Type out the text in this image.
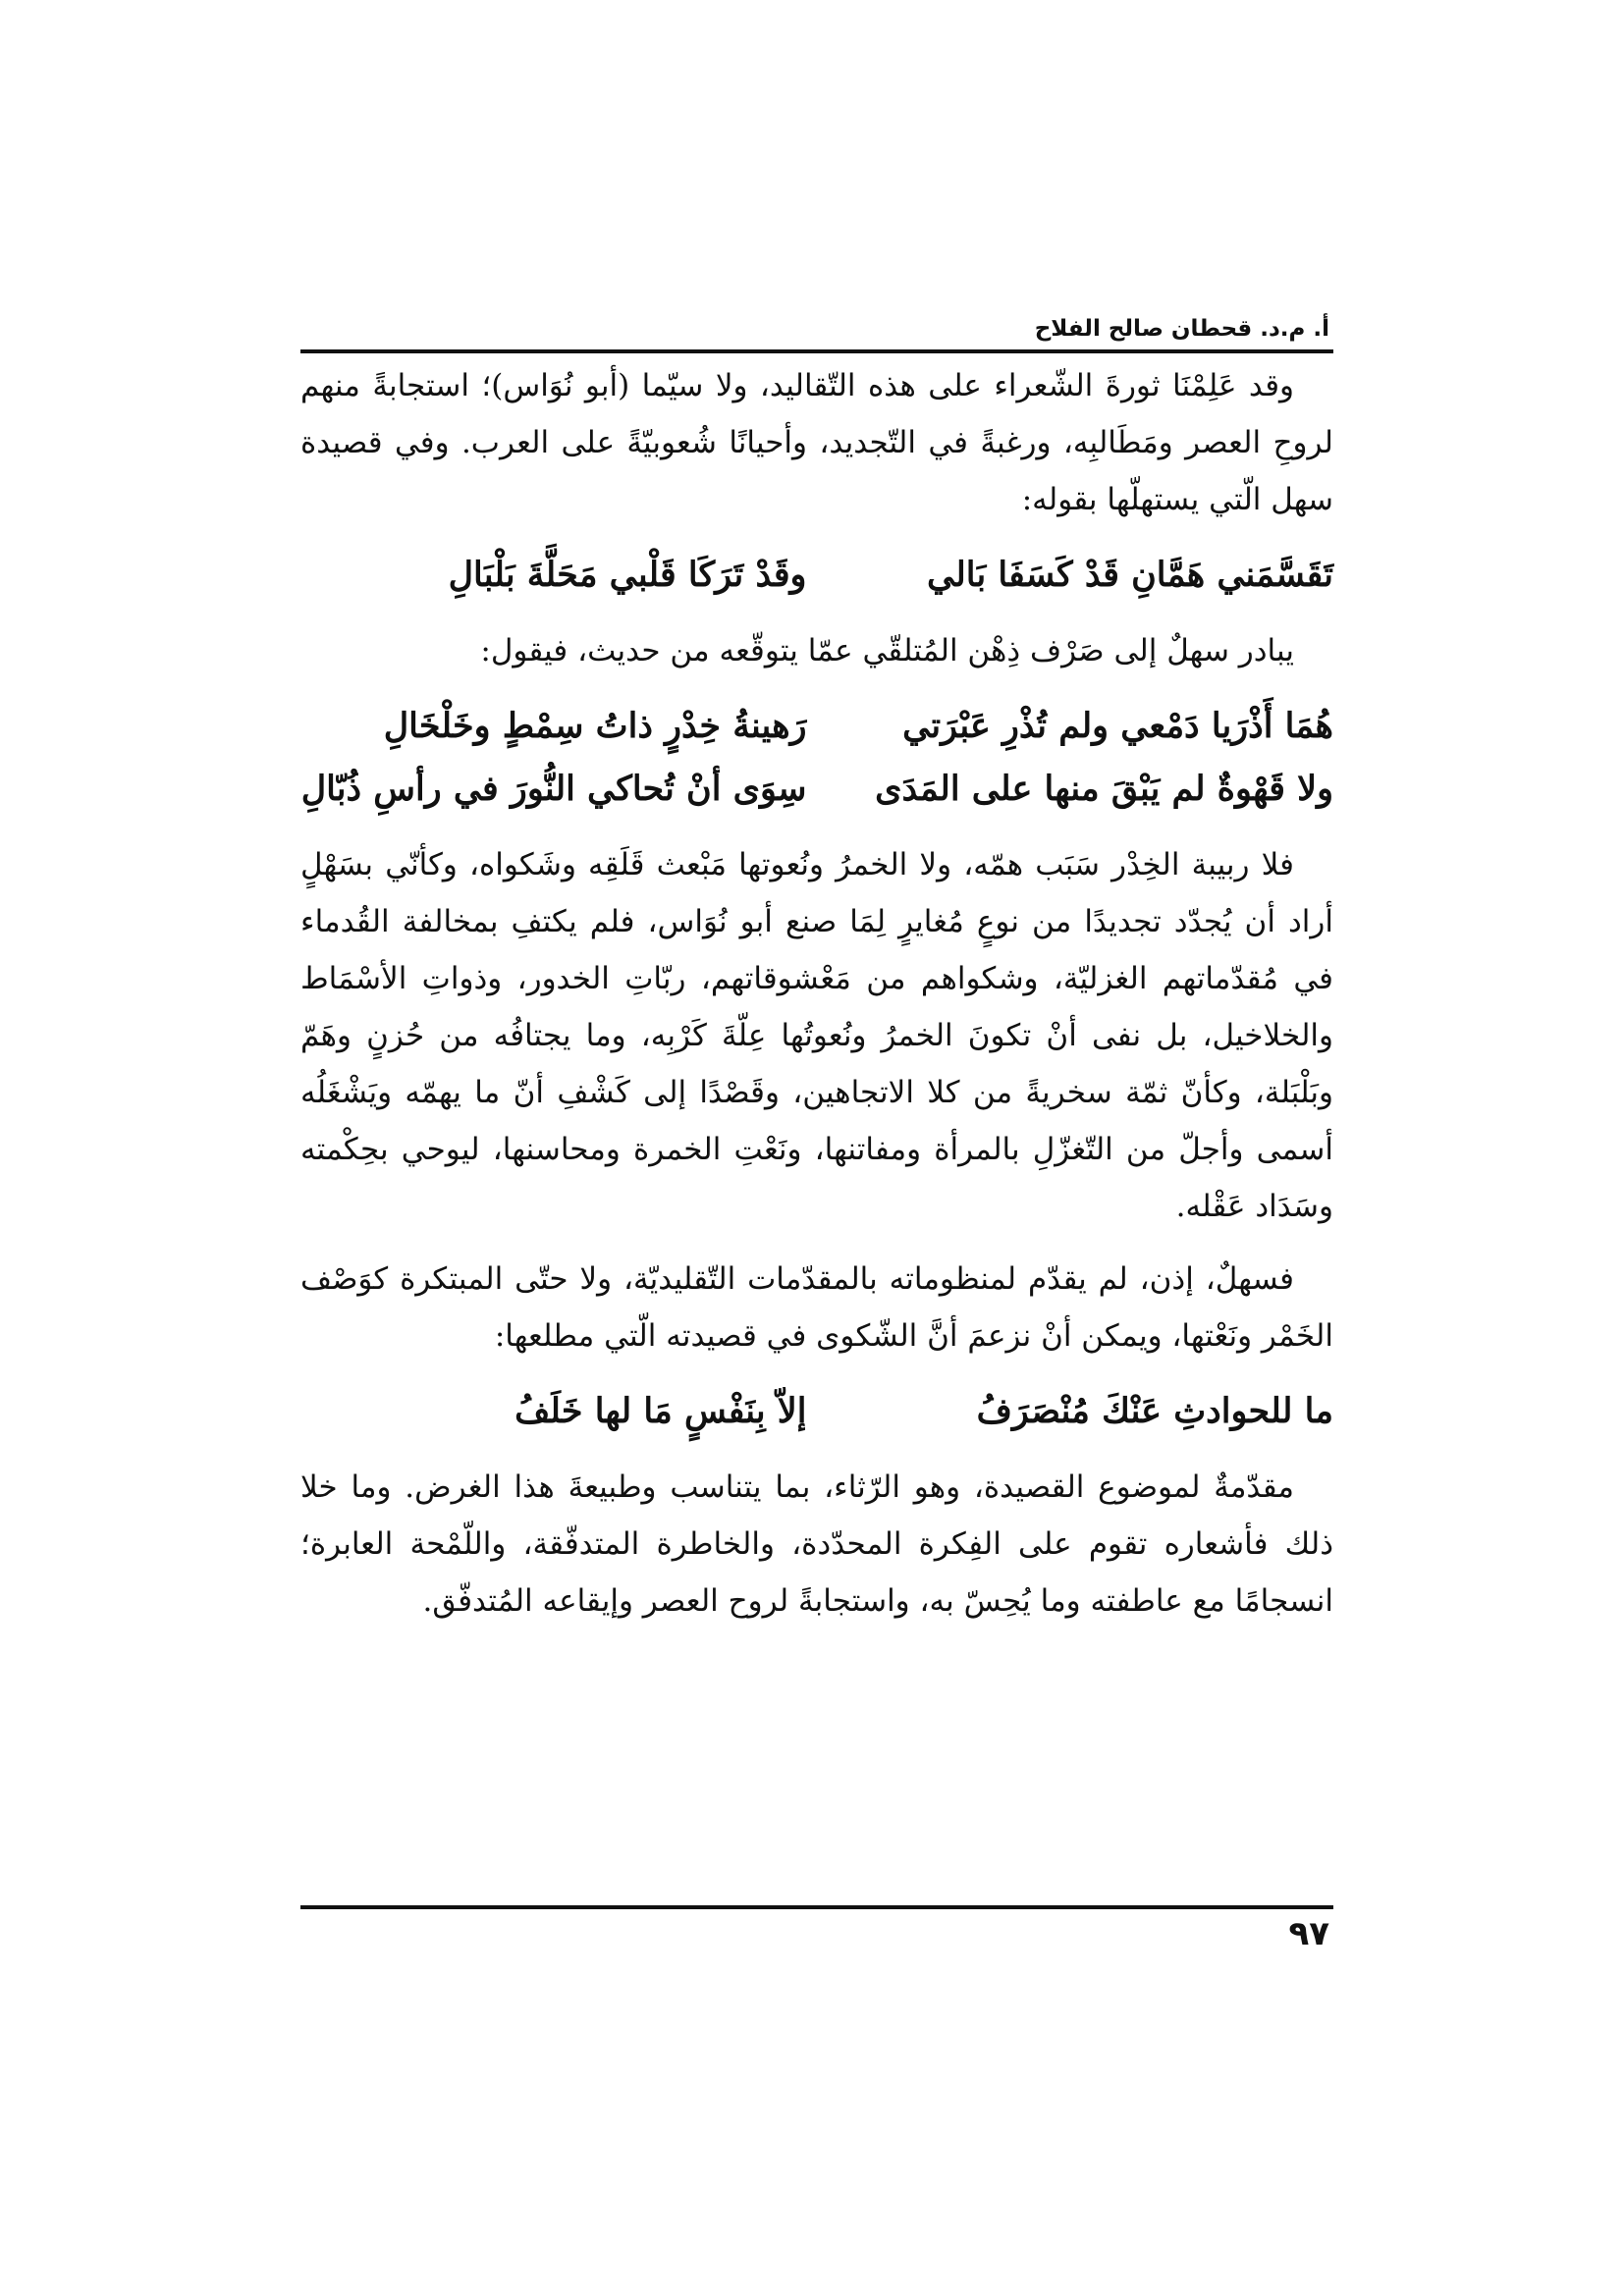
أ. م.د. قحطان صالح الفلاح

وقد عَلِمْنَا ثورةَ الشّعراء على هذه التّقاليد، ولا سيّما (أبو نُوَاس)؛ استجابةً منهم لروحِ العصر ومَطَالبِه، ورغبةً في التّجديد، وأحيانًا شُعوبيّةً على العرب. وفي قصيدة سهل الّتي يستهلّها بقوله:

تَقَسَّمَني هَمَّانِ قَدْ كَسَفَا بَالي
وقَدْ تَرَكَا قَلْبي مَحَلَّةَ بَلْبَالِ

يبادر سهلٌ إلى صَرْف ذِهْن المُتلقّي عمّا يتوقّعه من حديث، فيقول:

هُمَا أَذْرَيا دَمْعي ولم تُذْرِ عَبْرَتي
رَهينةُ خِدْرٍ ذاتُ سِمْطٍ وخَلْخَالِ
ولا قَهْوةٌ لم يَبْقَ منها على المَدَى
سِوَى أنْ تُحاكي النُّورَ في رأسِ ذُبّالِ

فلا ربيبة الخِدْر سَبَب همّه، ولا الخمرُ ونُعوتها مَبْعث قَلَقِه وشَكواه، وكأنّي بسَهْلٍ أراد أن يُجدّد تجديدًا من نوعٍ مُغايرٍ لِمَا صنع أبو نُوَاس، فلم يكتفِ بمخالفة القُدماء في مُقدّماتهم الغزليّة، وشكواهم من مَعْشوقاتهم، ربّاتِ الخدور، وذواتِ الأسْمَاط والخلاخيل، بل نفى أنْ تكونَ الخمرُ ونُعوتُها عِلّةَ كَرْبِه، وما يجتافُه من حُزنٍ وهَمّ وبَلْبَلة، وكأنّ ثمّة سخريةً من كلا الاتجاهين، وقَصْدًا إلى كَشْفِ أنّ ما يهمّه ويَشْغَلُه أسمى وأجلّ من التّغزّلِ بالمرأة ومفاتنها، ونَعْتِ الخمرة ومحاسنها، ليوحي بحِكْمته وسَدَاد عَقْله.

فسهلٌ، إذن، لم يقدّم لمنظوماته بالمقدّمات التّقليديّة، ولا حتّى المبتكرة كوَصْف الخَمْر ونَعْتها، ويمكن أنْ نزعمَ أنَّ الشّكوى في قصيدته الّتي مطلعها:

ما للحوادثِ عَنْكَ مُنْصَرَفُ
إلاّ بِنَفْسٍ مَا لها خَلَفُ

مقدّمةٌ لموضوع القصيدة، وهو الرّثاء، بما يتناسب وطبيعةَ هذا الغرض. وما خلا ذلك فأشعاره تقوم على الفِكرة المحدّدة، والخاطرة المتدفّقة، واللّمْحة العابرة؛ انسجامًا مع عاطفته وما يُحِسّ به، واستجابةً لروح العصر وإيقاعه المُتدفّق.

٩٧
